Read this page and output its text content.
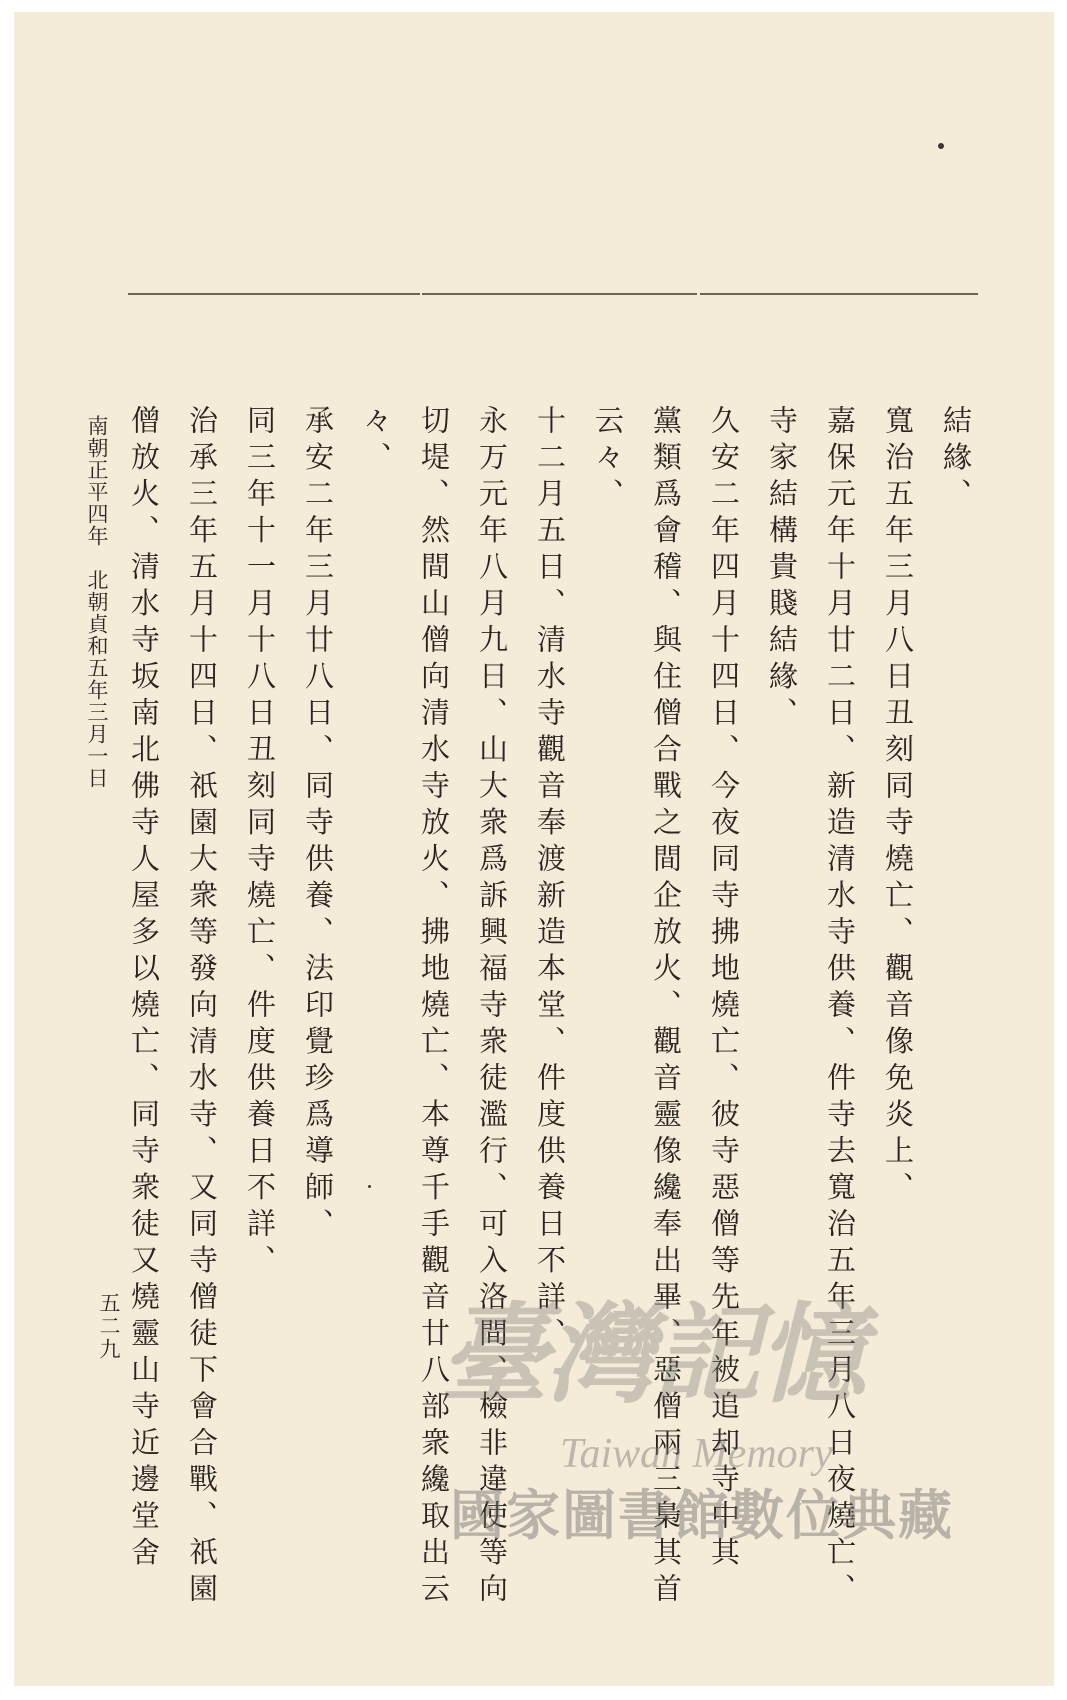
結緣、
寬治五年三月八日丑刻同寺燒亡、觀音像免炎上、
嘉保元年十月廿二日、新造清水寺供養、件寺去寬治五年三月八日夜燒亡、
寺家結構貴賤結緣、
久安二年四月十四日、今夜同寺拂地燒亡、彼寺惡僧等先年被追却寺中其
黨類爲會稽、與住僧合戰之間企放火、觀音靈像纔奉出畢、惡僧兩三梟其首
云々、
十二月五日、清水寺觀音奉渡新造本堂、件度供養日不詳、
永万元年八月九日、山大衆爲訴興福寺衆徒濫行、可入洛間、檢非違使等向
切堤、然間山僧向清水寺放火、拂地燒亡、本尊千手觀音廿八部衆纔取出云
々、
承安二年三月廿八日、同寺供養、法印覺珍爲導師、
同三年十一月十八日丑刻同寺燒亡、件度供養日不詳、
治承三年五月十四日、祇園大衆等發向清水寺、又同寺僧徒下會合戰、祇園
僧放火、清水寺坂南北佛寺人屋多以燒亡、同寺衆徒又燒靈山寺近邊堂舍
南朝正平四年　北朝貞和五年三月一日
五二九	臺灣記憶
Taiwan Memory
國家圖書館數位典藏
